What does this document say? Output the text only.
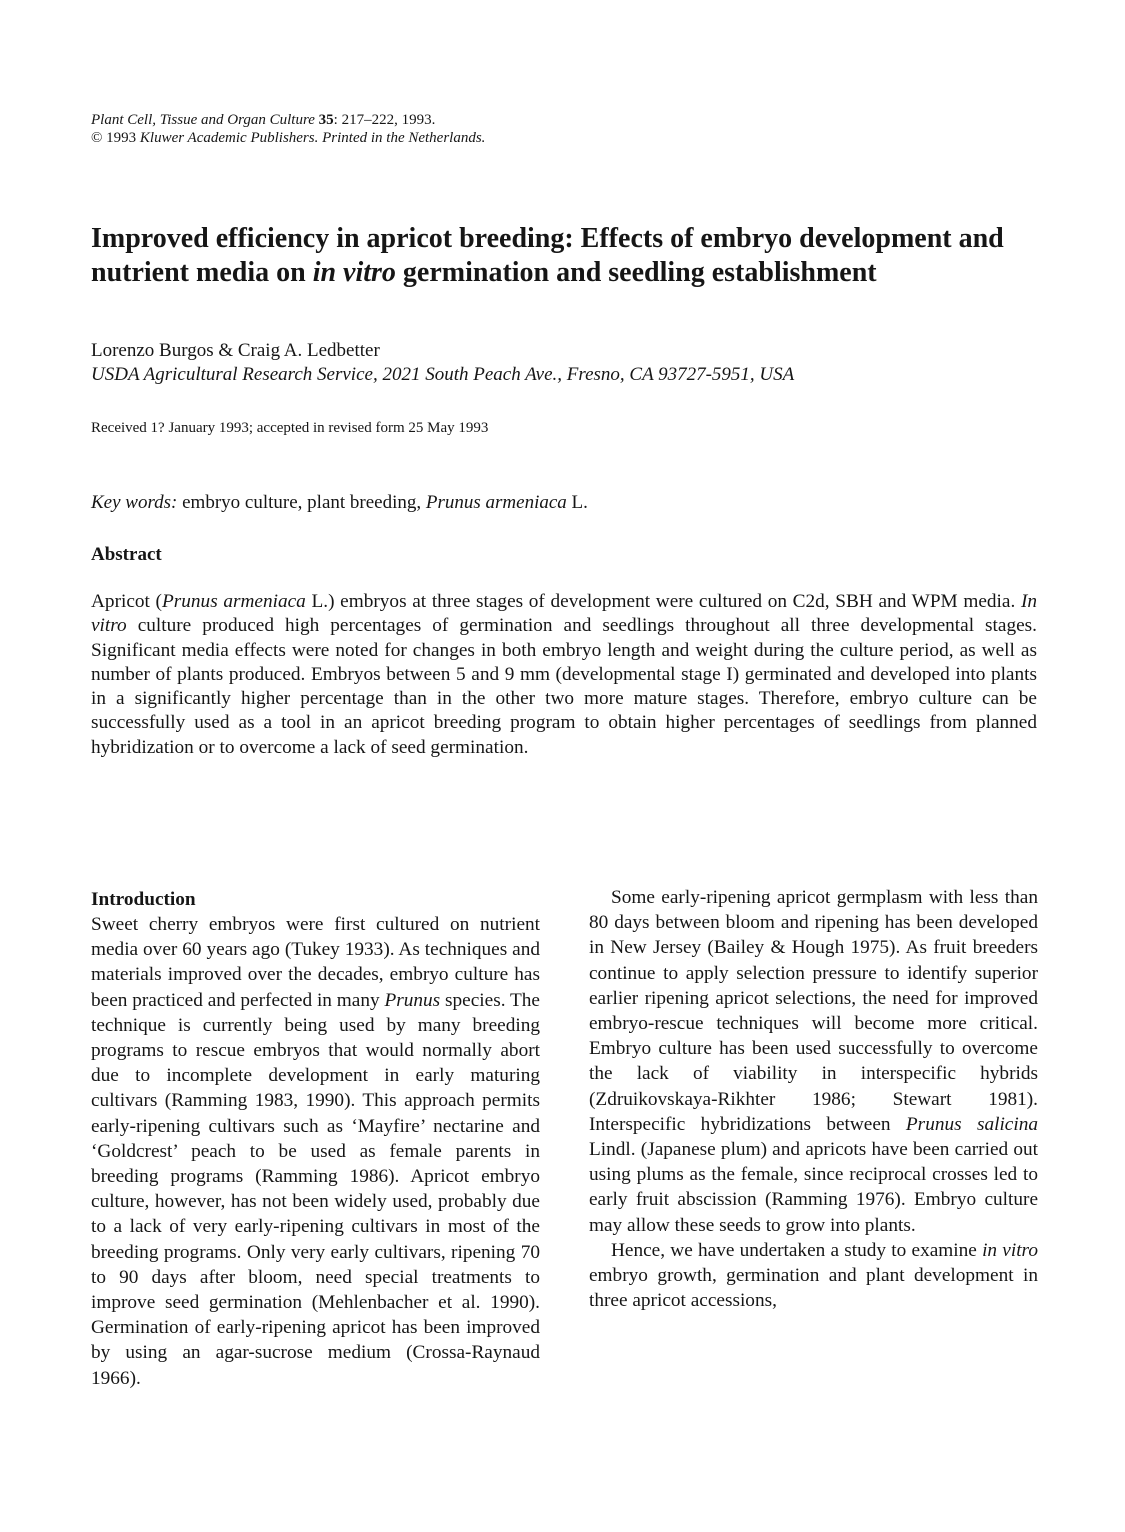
Plant Cell, Tissue and Organ Culture 35: 217–222, 1993.
© 1993 Kluwer Academic Publishers. Printed in the Netherlands.
Improved efficiency in apricot breeding: Effects of embryo development and nutrient media on in vitro germination and seedling establishment
Lorenzo Burgos & Craig A. Ledbetter
USDA Agricultural Research Service, 2021 South Peach Ave., Fresno, CA 93727-5951, USA
Received 1? January 1993; accepted in revised form 25 May 1993
Key words: embryo culture, plant breeding, Prunus armeniaca L.
Abstract

Apricot (Prunus armeniaca L.) embryos at three stages of development were cultured on C2d, SBH and WPM media. In vitro culture produced high percentages of germination and seedlings throughout all three developmental stages. Significant media effects were noted for changes in both embryo length and weight during the culture period, as well as number of plants produced. Embryos between 5 and 9 mm (developmental stage I) germinated and developed into plants in a significantly higher percentage than in the other two more mature stages. Therefore, embryo culture can be successfully used as a tool in an apricot breeding program to obtain higher percentages of seedlings from planned hybridization or to overcome a lack of seed germination.

Introduction

Sweet cherry embryos were first cultured on nutrient media over 60 years ago (Tukey 1933). As techniques and materials improved over the decades, embryo culture has been practiced and perfected in many Prunus species. The technique is currently being used by many breeding programs to rescue embryos that would normally abort due to incomplete development in early maturing cultivars (Ramming 1983, 1990). This approach permits early-ripening cultivars such as ‘Mayfire’ nectarine and ‘Goldcrest’ peach to be used as female parents in breeding programs (Ramming 1986). Apricot embryo culture, however, has not been widely used, probably due to a lack of very early-ripening cultivars in most of the breeding programs. Only very early cultivars, ripening 70 to 90 days after bloom, need special treatments to improve seed germination (Mehlenbacher et al. 1990). Germination of early-ripening apricot has been improved by using an agar-sucrose medium (Crossa-Raynaud 1966).

Some early-ripening apricot germplasm with less than 80 days between bloom and ripening has been developed in New Jersey (Bailey & Hough 1975). As fruit breeders continue to apply selection pressure to identify superior earlier ripening apricot selections, the need for improved embryo-rescue techniques will become more critical. Embryo culture has been used successfully to overcome the lack of viability in interspecific hybrids (Zdruikovskaya-Rikhter 1986; Stewart 1981). Interspecific hybridizations between Prunus salicina Lindl. (Japanese plum) and apricots have been carried out using plums as the female, since reciprocal crosses led to early fruit abscission (Ramming 1976). Embryo culture may allow these seeds to grow into plants.

Hence, we have undertaken a study to examine in vitro embryo growth, germination and plant development in three apricot accessions,
